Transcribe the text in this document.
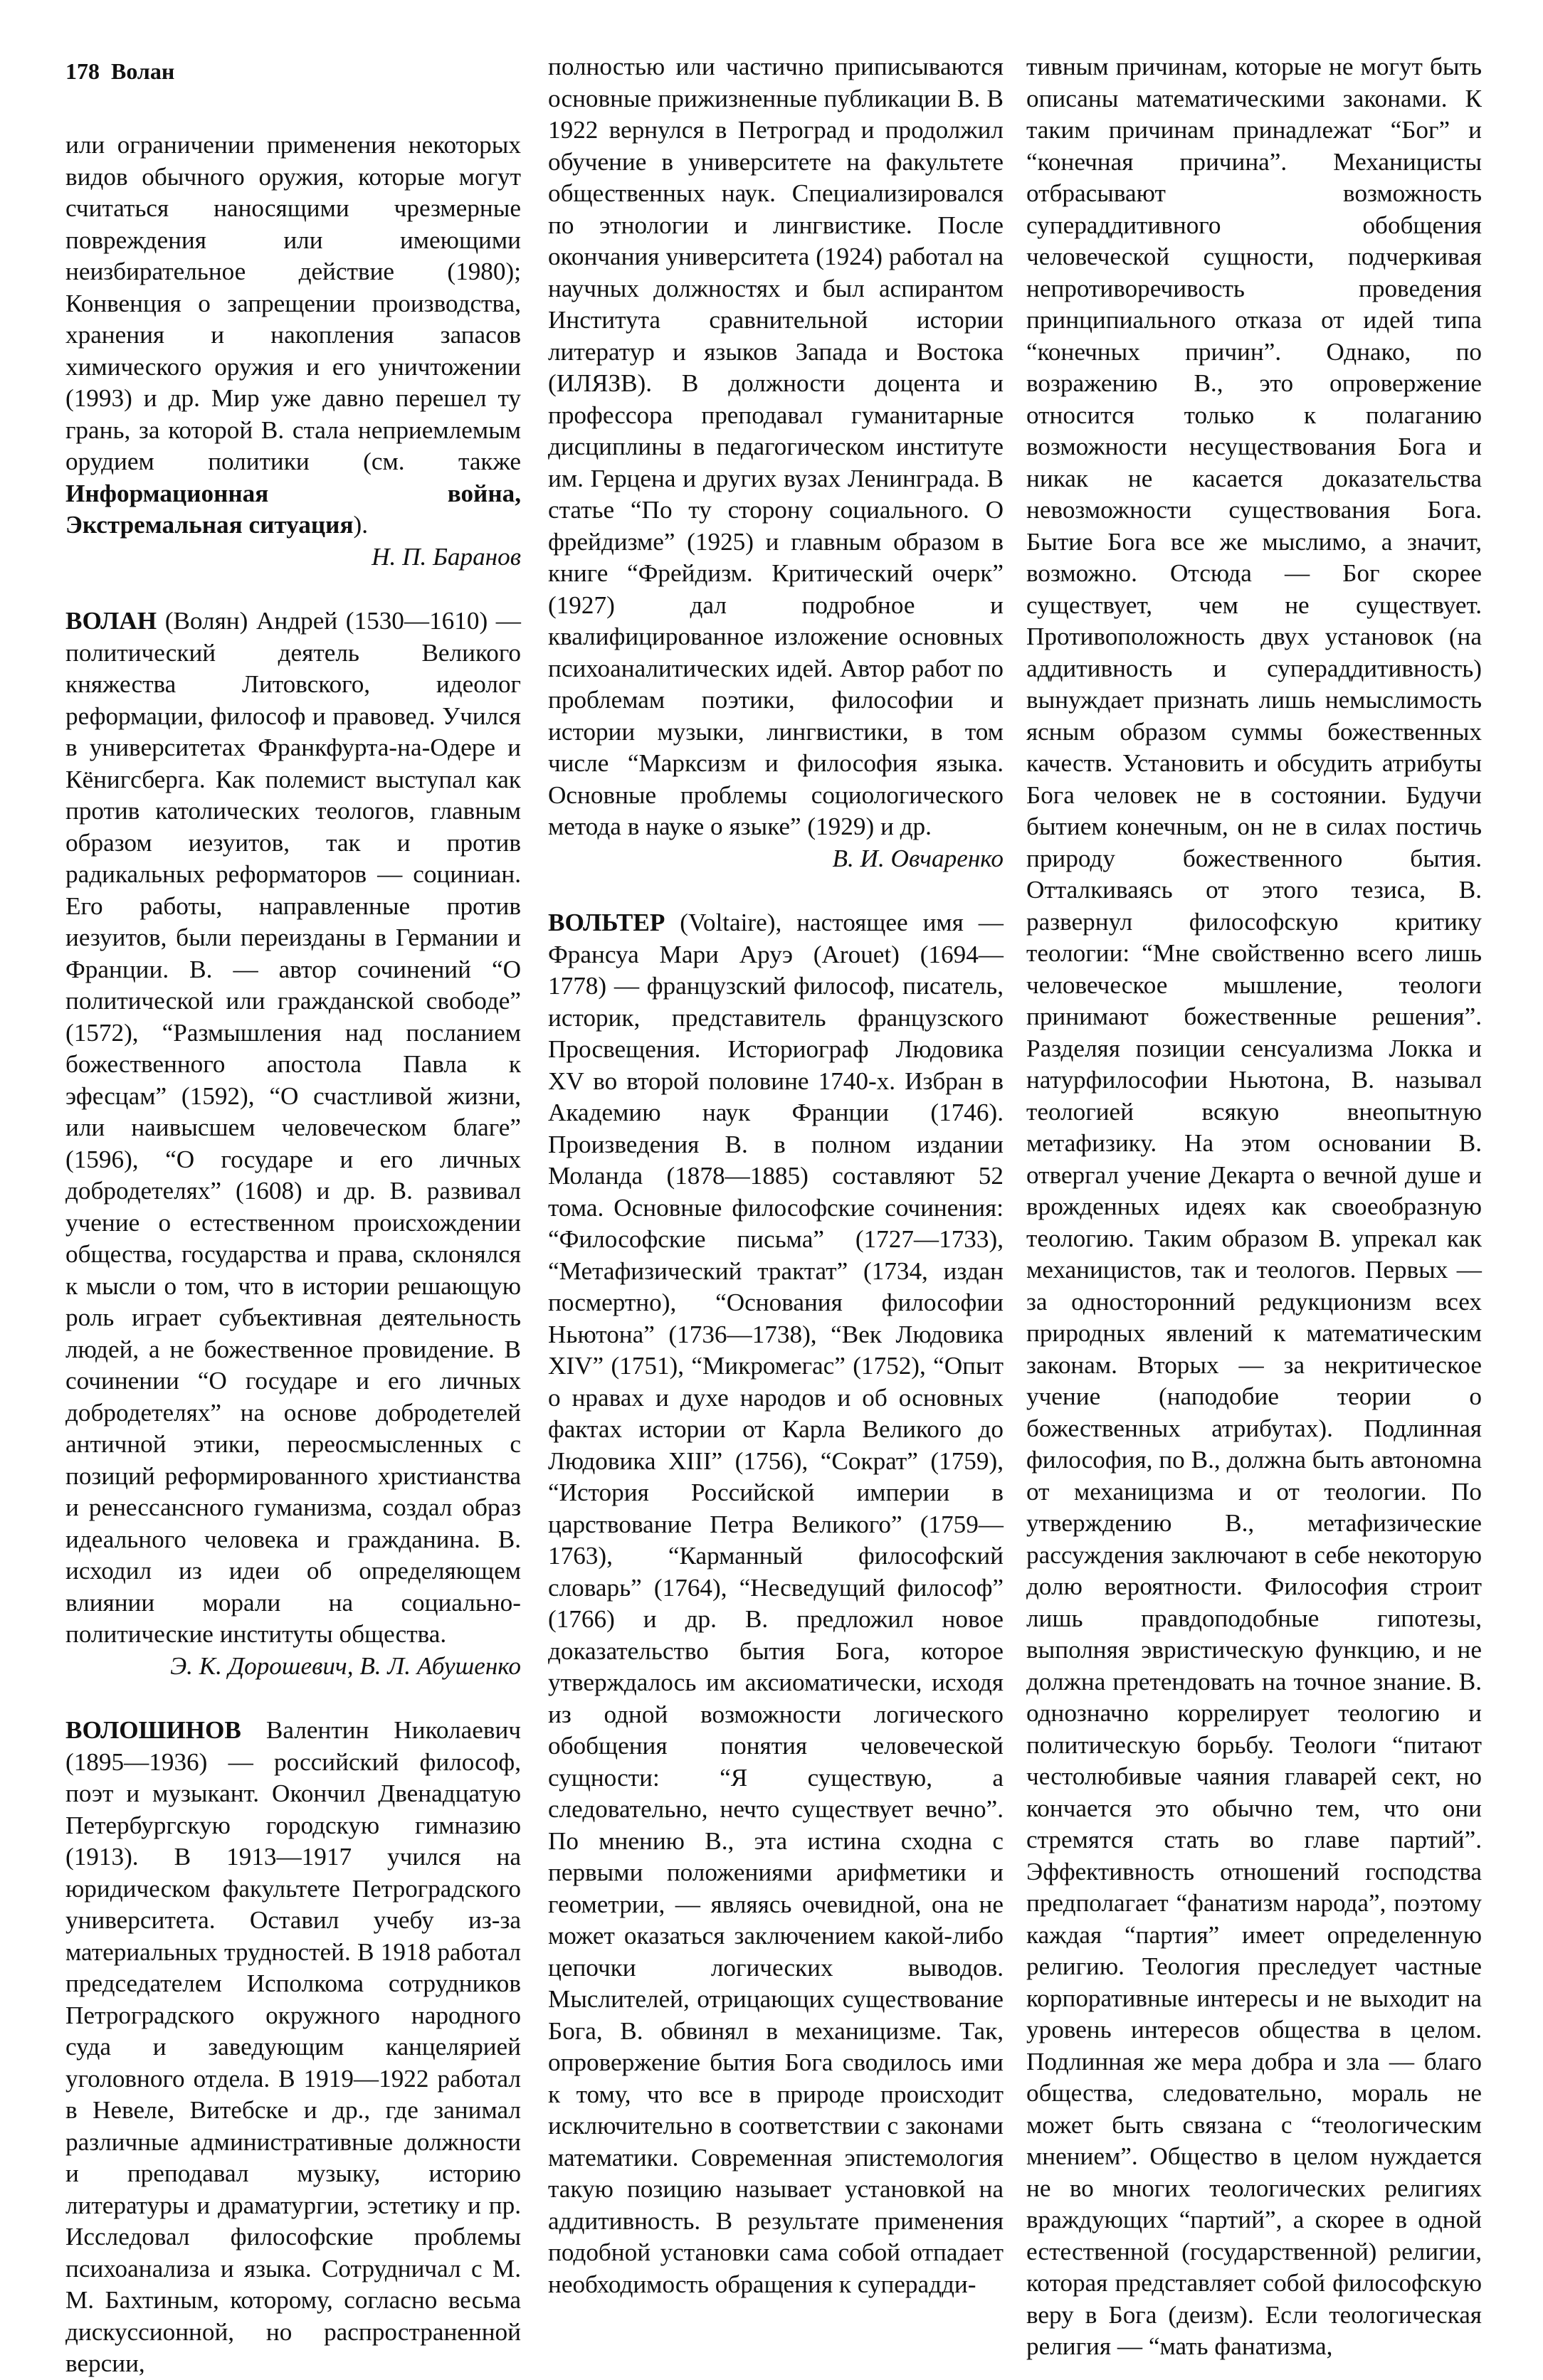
178 Волан

или ограничении применения некоторых видов обычного оружия, которые могут считаться наносящими чрезмерные повреждения или имеющими неизбирательное действие (1980); Конвенция о запрещении производства, хранения и накопления запасов химического оружия и его уничтожении (1993) и др. Мир уже давно перешел ту грань, за которой В. стала неприемлемым орудием политики (см. также Информационная война, Экстремальная ситуация).

Н. П. Баранов

ВОЛАН (Волян) Андрей (1530—1610) — политический деятель Великого княжества Литовского, идеолог реформации, философ и правовед. Учился в университетах Франкфурта-на-Одере и Кёнигсберга. Как полемист выступал как против католических теологов, главным образом иезуитов, так и против радикальных реформаторов — социниан. Его работы, направленные против иезуитов, были переизданы в Германии и Франции. В. — автор сочинений “О политической или гражданской свободе” (1572), “Размышления над посланием божественного апостола Павла к эфесцам” (1592), “О счастливой жизни, или наивысшем человеческом благе” (1596), “О государе и его личных добродетелях” (1608) и др. В. развивал учение о естественном происхождении общества, государства и права, склонялся к мысли о том, что в истории решающую роль играет субъективная деятельность людей, а не божественное провидение. В сочинении “О государе и его личных добродетелях” на основе добродетелей античной этики, переосмысленных с позиций реформированного христианства и ренессансного гуманизма, создал образ идеального человека и гражданина. В. исходил из идеи об определяющем влиянии морали на социально-политические институты общества.

Э. К. Дорошевич, В. Л. Абушенко

ВОЛОШИНОВ Валентин Николаевич (1895—1936) — российский философ, поэт и музыкант. Окончил Двенадцатую Петербургскую городскую гимназию (1913). В 1913—1917 учился на юридическом факультете Петроградского университета. Оставил учебу из-за материальных трудностей. В 1918 работал председателем Исполкома сотрудников Петроградского окружного народного суда и заведующим канцелярией уголовного отдела. В 1919—1922 работал в Невеле, Витебске и др., где занимал различные административные должности и преподавал музыку, историю литературы и драматургии, эстетику и пр. Исследовал философские проблемы психоанализа и языка. Сотрудничал с М. М. Бахтиным, которому, согласно весьма дискуссионной, но распространенной версии,

полностью или частично приписываются основные прижизненные публикации В. В 1922 вернулся в Петроград и продолжил обучение в университете на факультете общественных наук. Специализировался по этнологии и лингвистике. После окончания университета (1924) работал на научных должностях и был аспирантом Института сравнительной истории литератур и языков Запада и Востока (ИЛЯЗВ). В должности доцента и профессора преподавал гуманитарные дисциплины в педагогическом институте им. Герцена и других вузах Ленинграда. В статье “По ту сторону социального. О фрейдизме” (1925) и главным образом в книге “Фрейдизм. Критический очерк” (1927) дал подробное и квалифицированное изложение основных психоаналитических идей. Автор работ по проблемам поэтики, философии и истории музыки, лингвистики, в том числе “Марксизм и философия языка. Основные проблемы социологического метода в науке о языке” (1929) и др.

В. И. Овчаренко

ВОЛЬТЕР (Voltaire), настоящее имя — Франсуа Мари Аруэ (Arouet) (1694—1778) — французский философ, писатель, историк, представитель французского Просвещения. Историограф Людовика XV во второй половине 1740-х. Избран в Академию наук Франции (1746). Произведения В. в полном издании Моланда (1878—1885) составляют 52 тома. Основные философские сочинения: “Философские письма” (1727—1733), “Метафизический трактат” (1734, издан посмертно), “Основания философии Ньютона” (1736—1738), “Век Людовика XIV” (1751), “Микромегас” (1752), “Опыт о нравах и духе народов и об основных фактах истории от Карла Великого до Людовика XIII” (1756), “Сократ” (1759), “История Российской империи в царствование Петра Великого” (1759—1763), “Карманный философский словарь” (1764), “Несведущий философ” (1766) и др. В. предложил новое доказательство бытия Бога, которое утверждалось им аксиоматически, исходя из одной возможности логического обобщения понятия человеческой сущности: “Я существую, а следовательно, нечто существует вечно”. По мнению В., эта истина сходна с первыми положениями арифметики и геометрии, — являясь очевидной, она не может оказаться заключением какой-либо цепочки логических выводов. Мыслителей, отрицающих существование Бога, В. обвинял в механицизме. Так, опровержение бытия Бога сводилось ими к тому, что все в природе происходит исключительно в соответствии с законами математики. Современная эпистемология такую позицию называет установкой на аддитивность. В результате применения подобной установки сама собой отпадает необходимость обращения к суперадди-

тивным причинам, которые не могут быть описаны математическими законами. К таким причинам принадлежат “Бог” и “конечная причина”. Механицисты отбрасывают возможность супераддитивного обобщения человеческой сущности, подчеркивая непротиворечивость проведения принципиального отказа от идей типа “конечных причин”. Однако, по возражению В., это опровержение относится только к полаганию возможности несуществования Бога и никак не касается доказательства невозможности существования Бога. Бытие Бога все же мыслимо, а значит, возможно. Отсюда — Бог скорее существует, чем не существует. Противоположность двух установок (на аддитивность и супераддитивность) вынуждает признать лишь немыслимость ясным образом суммы божественных качеств. Установить и обсудить атрибуты Бога человек не в состоянии. Будучи бытием конечным, он не в силах постичь природу божественного бытия. Отталкиваясь от этого тезиса, В. развернул философскую критику теологии: “Мне свойственно всего лишь человеческое мышление, теологи принимают божественные решения”. Разделяя позиции сенсуализма Локка и натурфилософии Ньютона, В. называл теологией всякую внеопытную метафизику. На этом основании В. отвергал учение Декарта о вечной душе и врожденных идеях как своеобразную теологию. Таким образом В. упрекал как механицистов, так и теологов. Первых — за односторонний редукционизм всех природных явлений к математическим законам. Вторых — за некритическое учение (наподобие теории о божественных атрибутах). Подлинная философия, по В., должна быть автономна от механицизма и от теологии. По утверждению В., метафизические рассуждения заключают в себе некоторую долю вероятности. Философия строит лишь правдоподобные гипотезы, выполняя эвристическую функцию, и не должна претендовать на точное знание. В. однозначно коррелирует теологию и политическую борьбу. Теологи “питают честолюбивые чаяния главарей сект, но кончается это обычно тем, что они стремятся стать во главе партий”. Эффективность отношений господства предполагает “фанатизм народа”, поэтому каждая “партия” имеет определенную религию. Теология преследует частные корпоративные интересы и не выходит на уровень интересов общества в целом. Подлинная же мера добра и зла — благо общества, следовательно, мораль не может быть связана с “теологическим мнением”. Общество в целом нуждается не во многих теологических религиях враждующих “партий”, а скорее в одной естественной (государственной) религии, которая представляет собой философскую веру в Бога (деизм). Если теологическая религия — “мать фанатизма,
